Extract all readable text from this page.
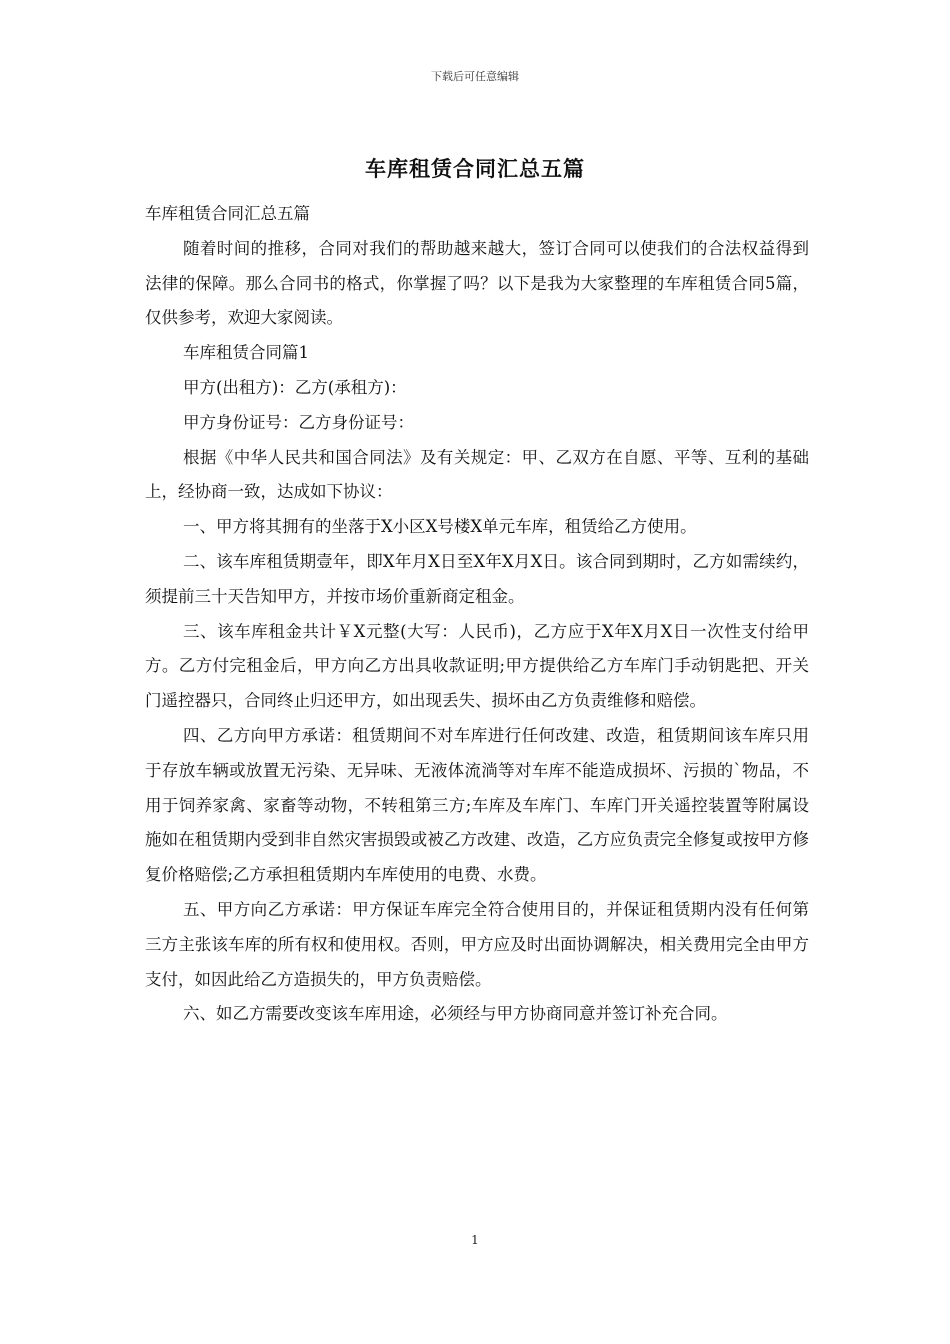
下载后可任意编辑
车库租赁合同汇总五篇

车库租赁合同汇总五篇

随着时间的推移，合同对我们的帮助越来越大，签订合同可以使我们的合法权益得到法律的保障。那么合同书的格式，你掌握了吗？以下是我为大家整理的车库租赁合同5篇，仅供参考，欢迎大家阅读。

车库租赁合同篇1

甲方(出租方)：乙方(承租方)：

甲方身份证号：乙方身份证号：

根据《中华人民共和国合同法》及有关规定：甲、乙双方在自愿、平等、互利的基础上，经协商一致，达成如下协议：

一、甲方将其拥有的坐落于X小区X号楼X单元车库，租赁给乙方使用。

二、该车库租赁期壹年，即X年月X日至X年X月X日。该合同到期时，乙方如需续约，须提前三十天告知甲方，并按市场价重新商定租金。

三、该车库租金共计￥X元整(大写：人民币)，乙方应于X年X月X日一次性支付给甲方。乙方付完租金后，甲方向乙方出具收款证明;甲方提供给乙方车库门手动钥匙把、开关门遥控器只，合同终止归还甲方，如出现丢失、损坏由乙方负责维修和赔偿。

四、乙方向甲方承诺：租赁期间不对车库进行任何改建、改造，租赁期间该车库只用于存放车辆或放置无污染、无异味、无液体流淌等对车库不能造成损坏、污损的`物品，不用于饲养家禽、家畜等动物，不转租第三方;车库及车库门、车库门开关遥控装置等附属设施如在租赁期内受到非自然灾害损毁或被乙方改建、改造，乙方应负责完全修复或按甲方修复价格赔偿;乙方承担租赁期内车库使用的电费、水费。

五、甲方向乙方承诺：甲方保证车库完全符合使用目的，并保证租赁期内没有任何第三方主张该车库的所有权和使用权。否则，甲方应及时出面协调解决，相关费用完全由甲方支付，如因此给乙方造损失的，甲方负责赔偿。

六、如乙方需要改变该车库用途，必须经与甲方协商同意并签订补充合同。

1
